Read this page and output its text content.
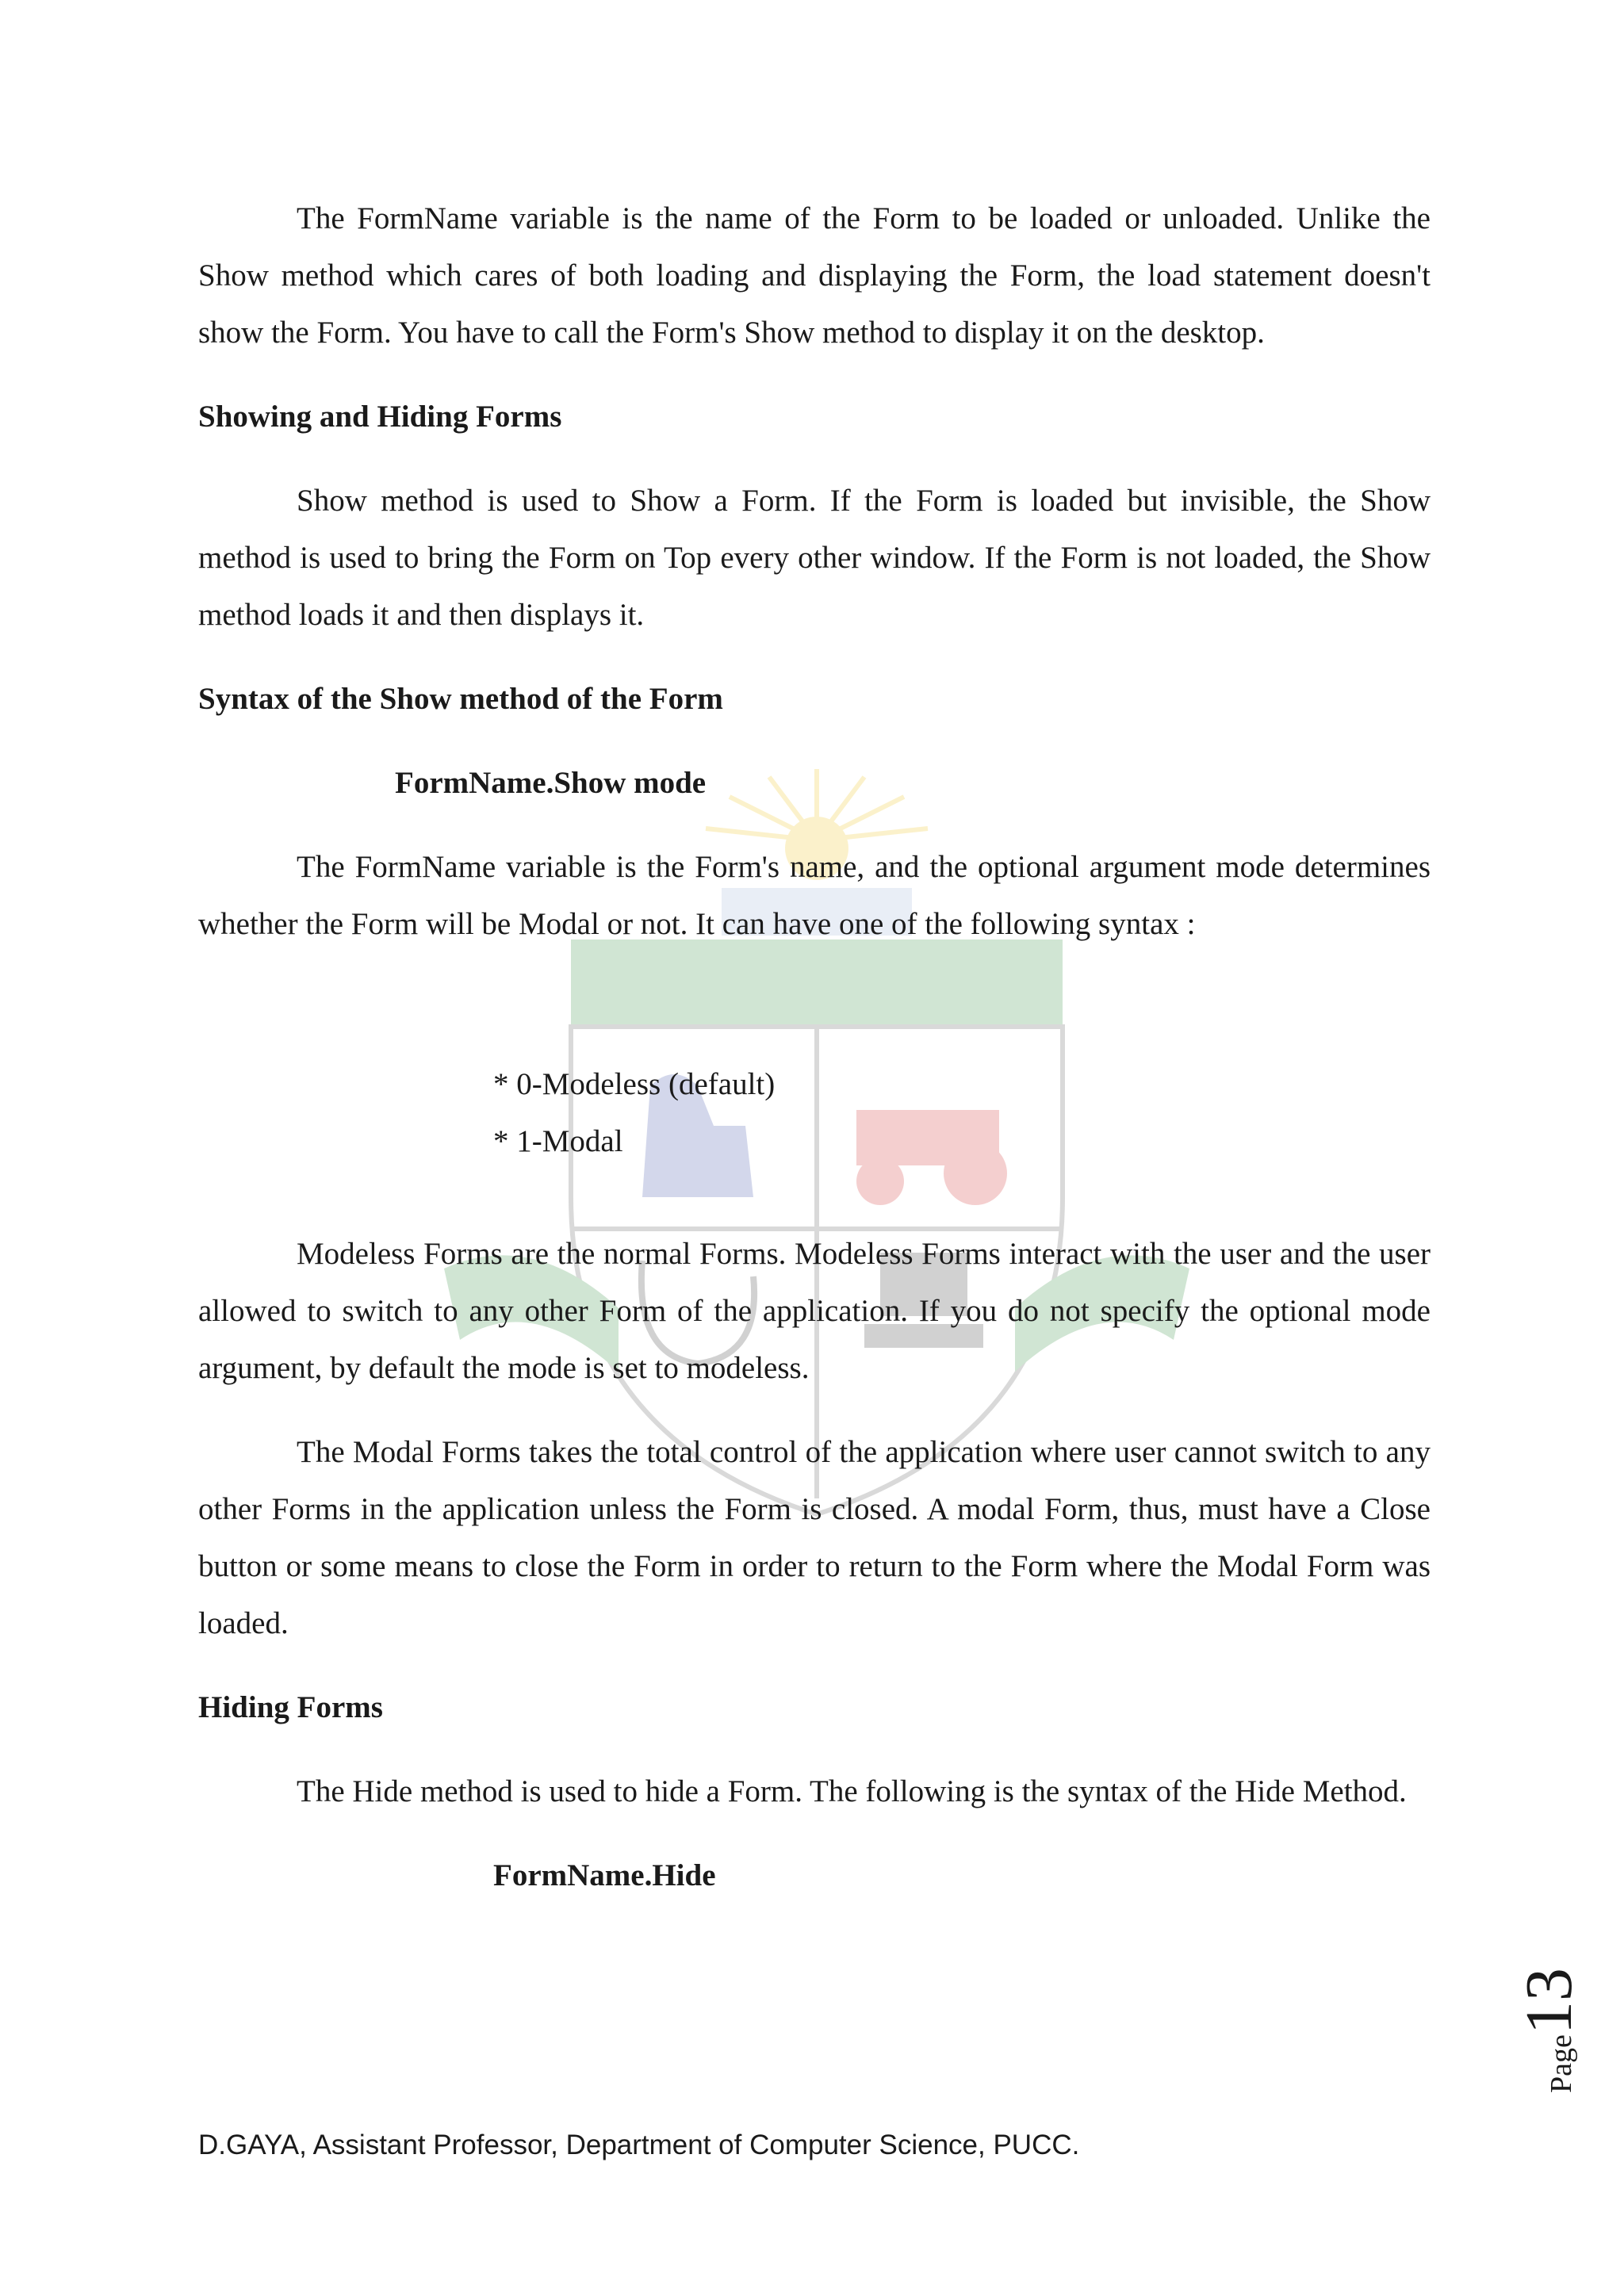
The FormName variable is the name of the Form to be loaded or unloaded. Unlike the Show method which cares of both loading and displaying the Form, the load statement doesn't show the Form. You have to call the Form's Show method to display it on the desktop.

Showing and Hiding Forms

Show method is used to Show a Form. If the Form is loaded but invisible, the Show method is used to bring the Form on Top every other window. If the Form is not loaded, the Show method loads it and then displays it.

Syntax of the Show method of the Form
FormName.Show mode

The FormName variable is the Form's name, and the optional argument mode determines whether the Form will be Modal or not. It can have one of the following syntax :

* 0-Modeless (default)
* 1-Modal

Modeless Forms are the normal Forms. Modeless Forms interact with the user and the user allowed to switch to any other Form of the application. If you do not specify the optional mode argument, by default the mode is set to modeless.

The Modal Forms takes the total control of the application where user cannot switch to any other Forms in the application unless the Form is closed. A modal Form, thus, must have a Close button or some means to close the Form in order to return to the Form where the Modal Form was loaded.

Hiding Forms

The Hide method is used to hide a Form. The following is the syntax of the Hide Method.

FormName.Hide
Page13
D.GAYA, Assistant Professor, Department of Computer Science, PUCC.
